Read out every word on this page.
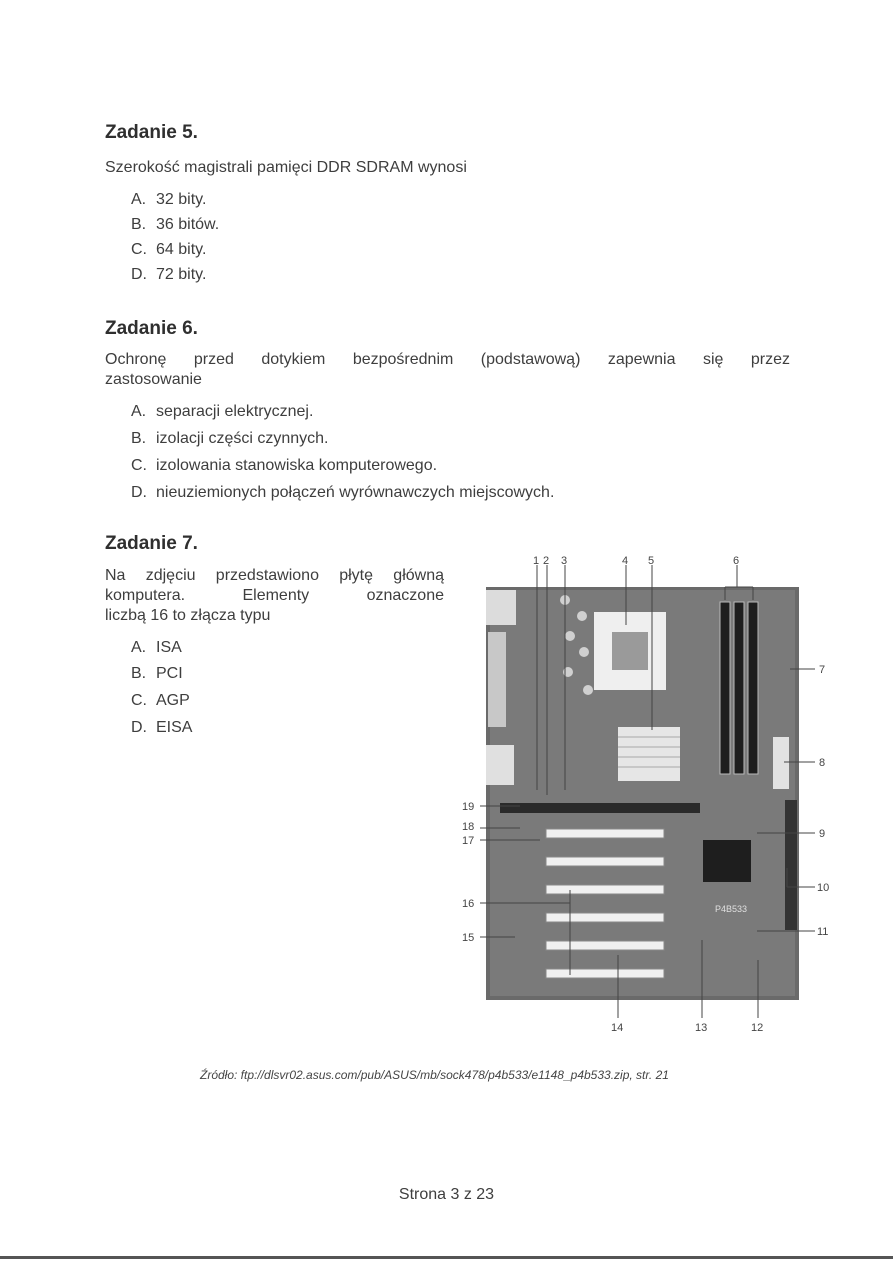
Zadanie 5.

Szerokość magistrali pamięci DDR SDRAM wynosi

A. 32 bity.
B. 36 bitów.
C. 64 bity.
D. 72 bity.
Zadanie 6.

Ochronę przed dotykiem bezpośrednim (podstawową) zapewnia się przez

zastosowanie

A. separacji elektrycznej.
B. izolacji części czynnych.
C. izolowania stanowiska komputerowego.
D. nieuziemionych połączeń wyrównawczych miejscowych.
Zadanie 7.

Na zdjęciu przedstawiono płytę główną

komputera. Elementy oznaczone

liczbą 16 to złącza typu

A. ISA
B. PCI
C. AGP
D. EISA
P4B533
1 2 3	4 5	6
7
8
9
10
11
12
13
14
15
16
17
18
19
Źródło: ftp://dlsvr02.asus.com/pub/ASUS/mb/sock478/p4b533/e1148_p4b533.zip, str. 21
Strona 3 z 23
